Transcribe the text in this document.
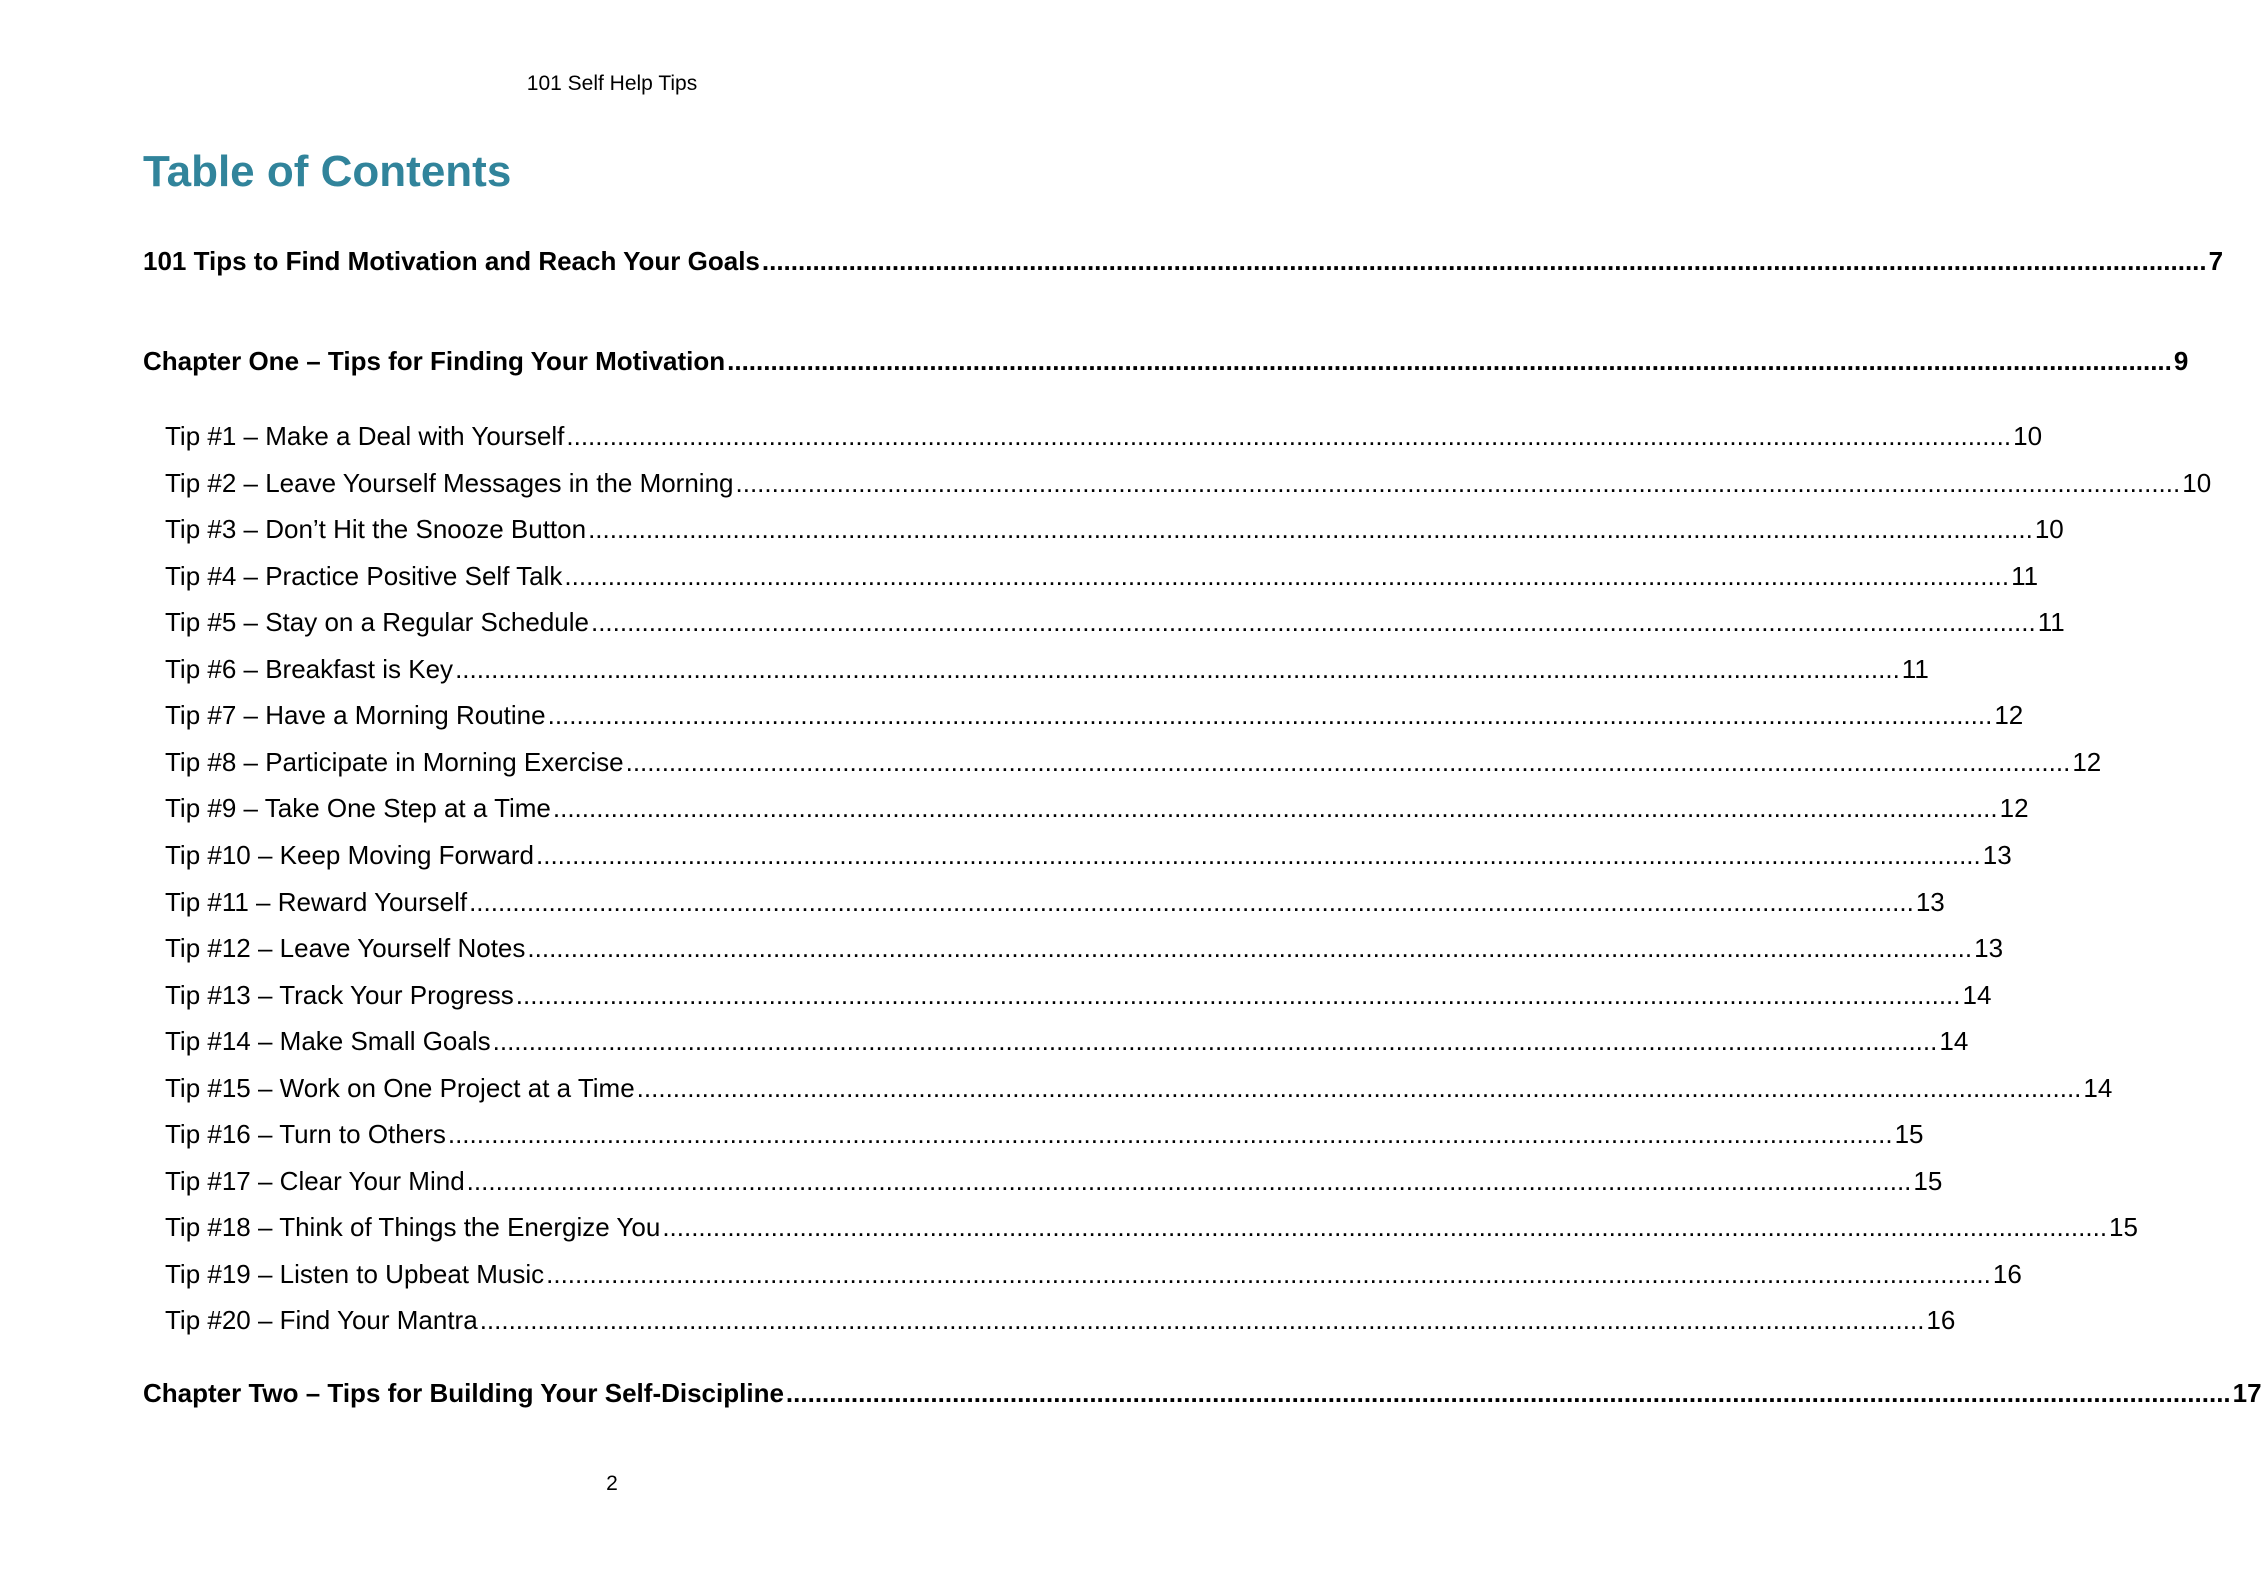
101 Self Help Tips
Table of Contents
101 Tips to Find Motivation and Reach Your Goals ........................................................................................................................................................................................................ 7
Chapter One – Tips for Finding Your Motivation ........................................................................................................................................................................................................ 9
Tip #1 – Make a Deal with Yourself ........................................................................................................................................................................................................ 10
Tip #2 – Leave Yourself Messages in the Morning ........................................................................................................................................................................................................ 10
Tip #3 – Don’t Hit the Snooze Button ........................................................................................................................................................................................................ 10
Tip #4 – Practice Positive Self Talk ........................................................................................................................................................................................................ 11
Tip #5 – Stay on a Regular Schedule ........................................................................................................................................................................................................ 11
Tip #6 – Breakfast is Key ........................................................................................................................................................................................................ 11
Tip #7 – Have a Morning Routine ........................................................................................................................................................................................................ 12
Tip #8 – Participate in Morning Exercise ........................................................................................................................................................................................................ 12
Tip #9 – Take One Step at a Time ........................................................................................................................................................................................................ 12
Tip #10 – Keep Moving Forward ........................................................................................................................................................................................................ 13
Tip #11 – Reward Yourself ........................................................................................................................................................................................................ 13
Tip #12 – Leave Yourself Notes ........................................................................................................................................................................................................ 13
Tip #13 – Track Your Progress ........................................................................................................................................................................................................ 14
Tip #14 – Make Small Goals ........................................................................................................................................................................................................ 14
Tip #15 – Work on One Project at a Time ........................................................................................................................................................................................................ 14
Tip #16 – Turn to Others ........................................................................................................................................................................................................ 15
Tip #17 – Clear Your Mind ........................................................................................................................................................................................................ 15
Tip #18 – Think of Things the Energize You ........................................................................................................................................................................................................ 15
Tip #19 – Listen to Upbeat Music ........................................................................................................................................................................................................ 16
Tip #20 – Find Your Mantra ........................................................................................................................................................................................................ 16
Chapter Two – Tips for Building Your Self-Discipline ........................................................................................................................................................................................................ 17
2
